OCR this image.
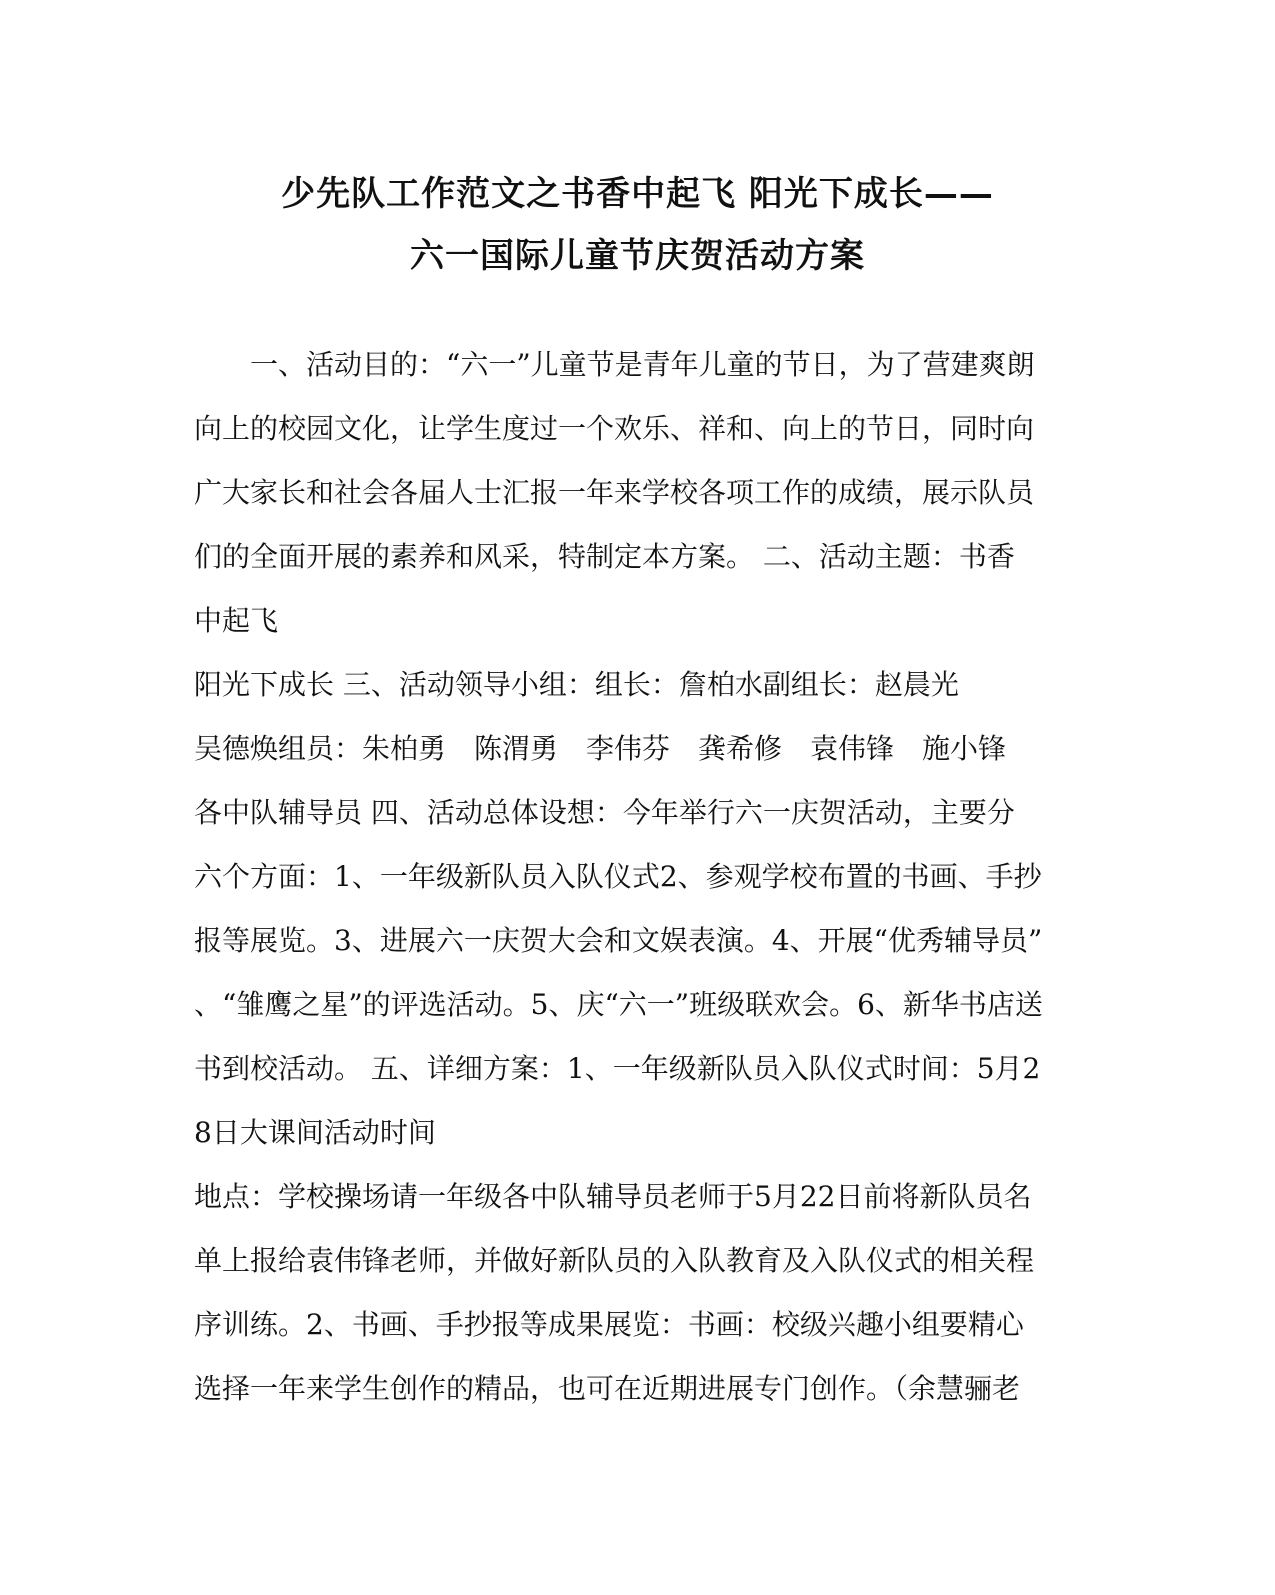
少先队工作范文之书香中起飞 阳光下成长——
六一国际儿童节庆贺活动方案
　　一、活动目的：“六一”儿童节是青年儿童的节日，为了营建爽朗
向上的校园文化，让学生度过一个欢乐、祥和、向上的节日，同时向
广大家长和社会各届人士汇报一年来学校各项工作的成绩，展示队员
们的全面开展的素养和风采，特制定本方案。 二、活动主题：书香
中起飞
阳光下成长 三、活动领导小组：组长：詹柏水副组长：赵晨光
吴德焕组员：朱柏勇　陈渭勇　李伟芬　龚希修　袁伟锋　施小锋
各中队辅导员 四、活动总体设想：今年举行六一庆贺活动，主要分
六个方面：1、一年级新队员入队仪式2、参观学校布置的书画、手抄
报等展览。3、进展六一庆贺大会和文娱表演。4、开展“优秀辅导员”
、“雏鹰之星”的评选活动。5、庆“六一”班级联欢会。6、新华书店送
书到校活动。 五、详细方案：1、一年级新队员入队仪式时间：5月2
8日大课间活动时间
地点：学校操场请一年级各中队辅导员老师于5月22日前将新队员名
单上报给袁伟锋老师，并做好新队员的入队教育及入队仪式的相关程
序训练。2、书画、手抄报等成果展览：书画：校级兴趣小组要精心
选择一年来学生创作的精品，也可在近期进展专门创作。（余慧骊老
